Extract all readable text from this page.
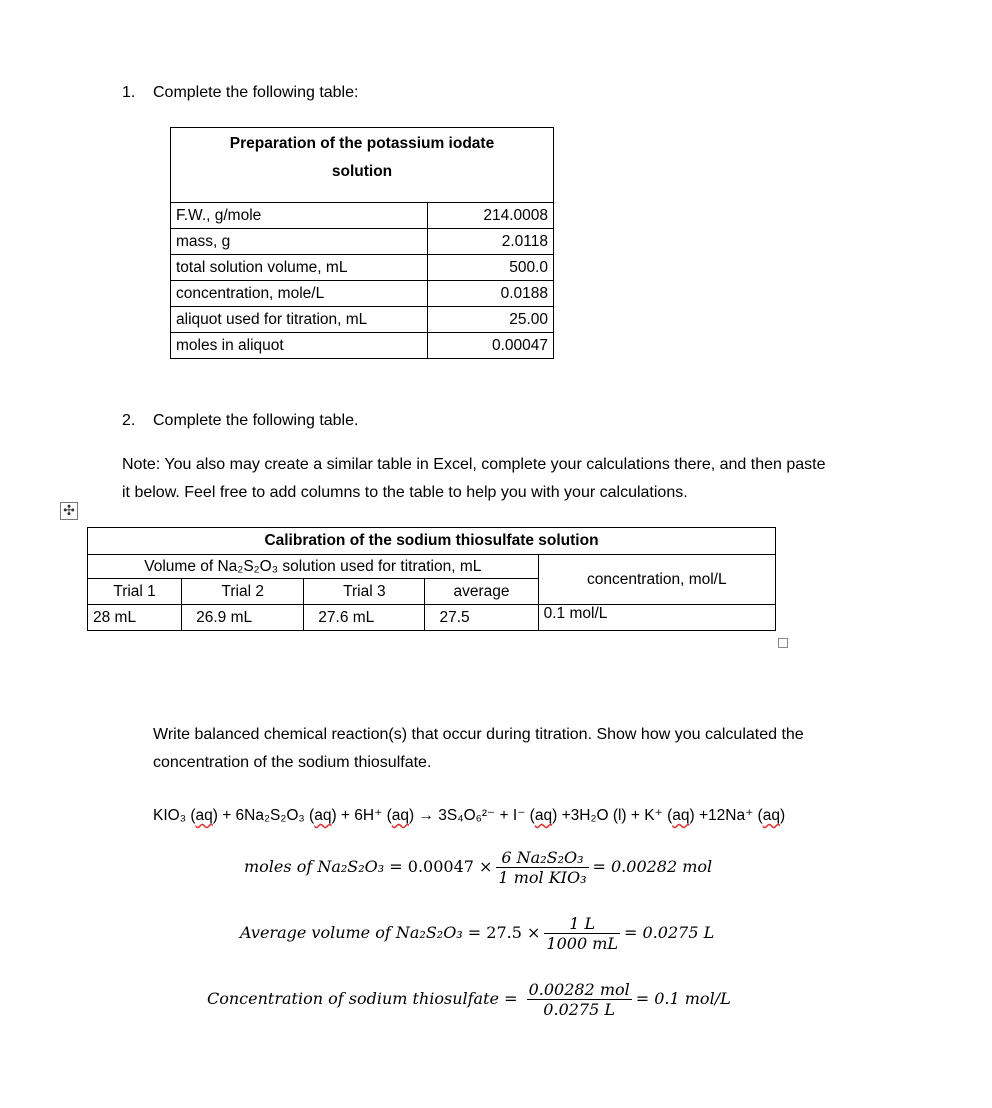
1. Complete the following table:
Preparation of the potassium iodate solution	
F.W., g/mole	214.0008
mass, g	2.0118
total solution volume, mL	500.0
concentration, mole/L	0.0188
aliquot used for titration, mL	25.00
moles in aliquot	0.00047
2. Complete the following table.
Note: You also may create a similar table in Excel, complete your calculations there, and then paste
it below. Feel free to add columns to the table to help you with your calculations.
✣
Calibration of the sodium thiosulfate solution				
Volume of Na₂S₂O₃ solution used for titration, mL				concentration, mol/L
Trial 1	Trial 2	Trial 3	average	
28 mL	26.9 mL	27.6 mL	27.5	0.1 mol/L
Write balanced chemical reaction(s) that occur during titration. Show how you calculated the
concentration of the sodium thiosulfate.
KIO₃ (aq) + 6Na₂S₂O₃ (aq) + 6H⁺ (aq) → 3S₄O₆²⁻ + I⁻ (aq) +3H₂O (l) + K⁺ (aq) +12Na⁺ (aq)
moles of $Na_2S_2O_3 = 0.00047 \times \frac{\text{6 Na₂S₂O₃}}{\text{1 mol KIO₃}} = 0.00282$ mol
Average volume of $Na_2S_2O_3 = 27.5 \times \frac{1 L}{1000 mL} = 0.0275$ L
Concentration of sodium thiosulfate = $\frac{\text{0.00282 mol}}{0.0275 L} = 0.1$ mol/L
